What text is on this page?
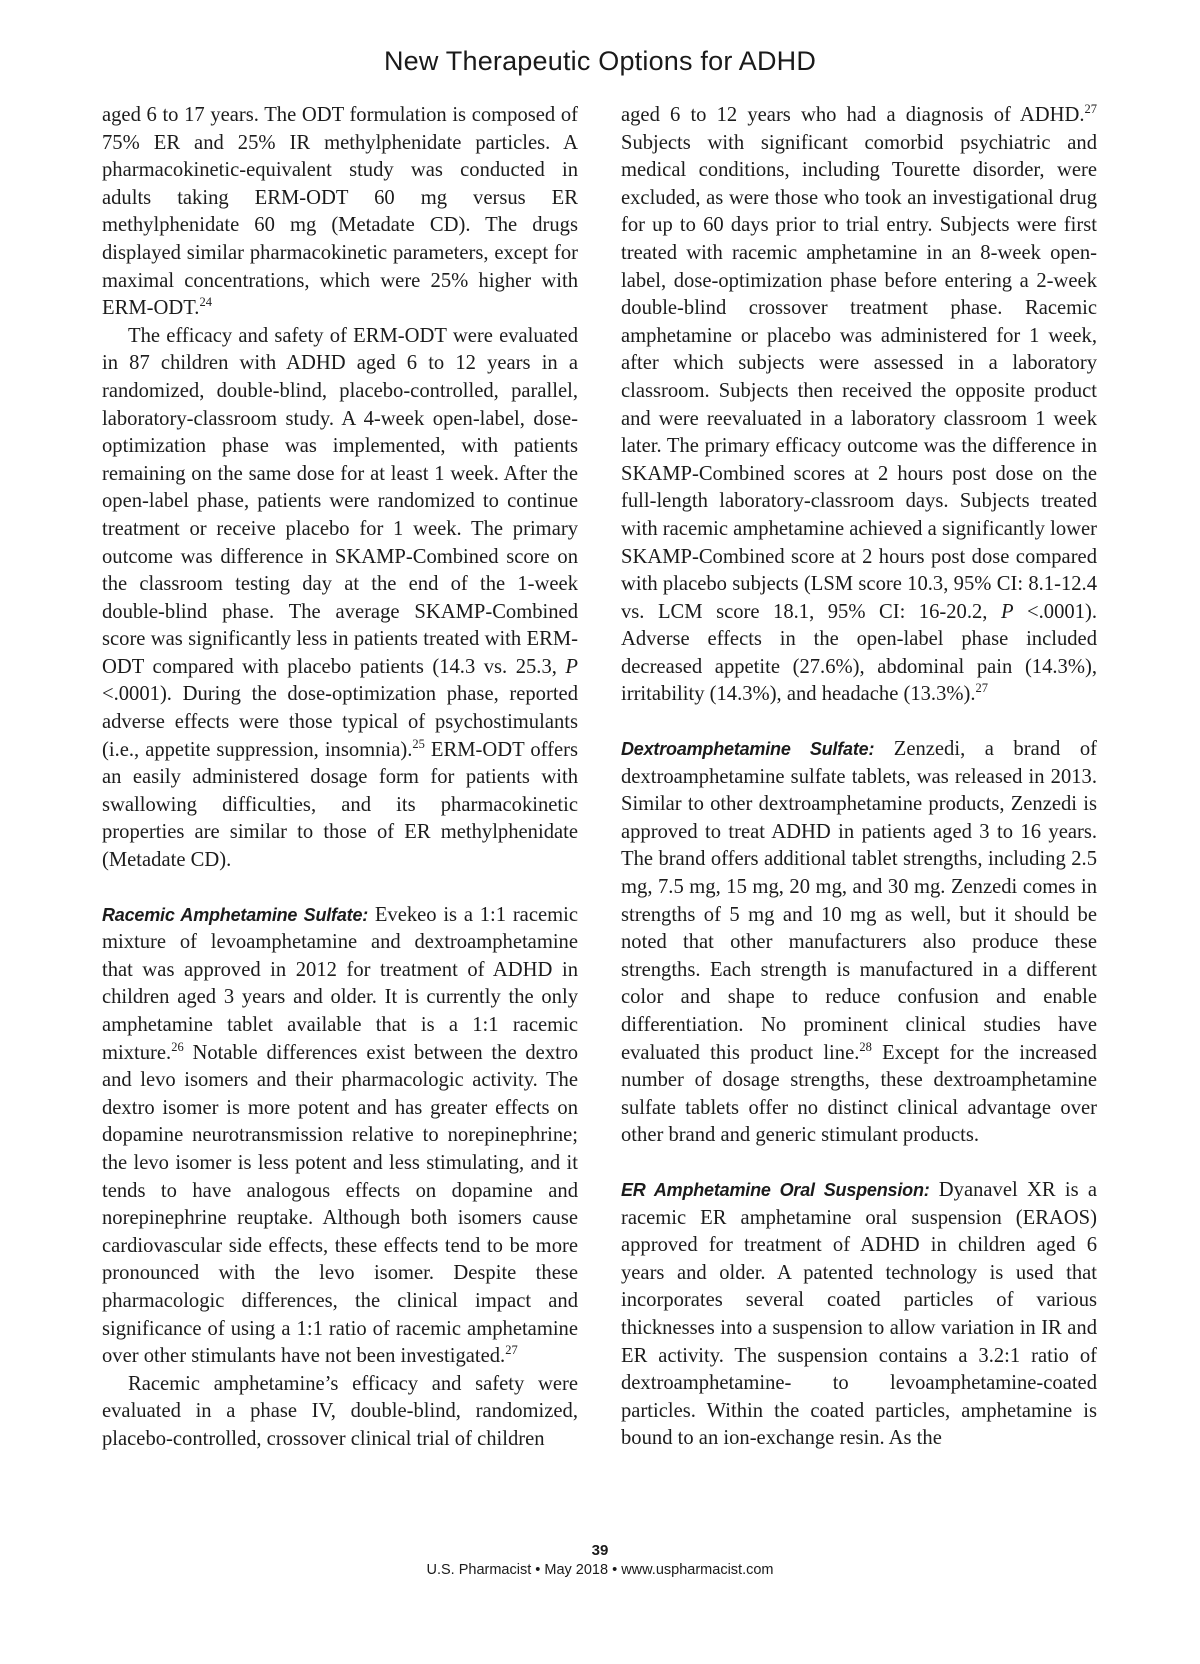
New Therapeutic Options for ADHD

aged 6 to 17 years. The ODT formulation is composed of 75% ER and 25% IR methylphenidate particles. A pharmacokinetic-equivalent study was conducted in adults taking ERM-ODT 60 mg versus ER methylphenidate 60 mg (Metadate CD). The drugs displayed similar pharmacokinetic parameters, except for maximal concentrations, which were 25% higher with ERM-ODT.$^{24}$

The efficacy and safety of ERM-ODT were evaluated in 87 children with ADHD aged 6 to 12 years in a randomized, double-blind, placebo-controlled, parallel, laboratory-classroom study. A 4-week open-label, dose-optimization phase was implemented, with patients remaining on the same dose for at least 1 week. After the open-label phase, patients were randomized to continue treatment or receive placebo for 1 week. The primary outcome was difference in SKAMP-Combined score on the classroom testing day at the end of the 1-week double-blind phase. The average SKAMP-Combined score was significantly less in patients treated with ERM-ODT compared with placebo patients (14.3 vs. 25.3, P <.0001). During the dose-optimization phase, reported adverse effects were those typical of psychostimulants (i.e., appetite suppression, insomnia).$^{25}$ ERM-ODT offers an easily administered dosage form for patients with swallowing difficulties, and its pharmacokinetic properties are similar to those of ER methylphenidate (Metadate CD).

Racemic Amphetamine Sulfate: Evekeo is a 1:1 racemic mixture of levoamphetamine and dextroamphetamine that was approved in 2012 for treatment of ADHD in children aged 3 years and older. It is currently the only amphetamine tablet available that is a 1:1 racemic mixture.$^{26}$ Notable differences exist between the dextro and levo isomers and their pharmacologic activity. The dextro isomer is more potent and has greater effects on dopamine neurotransmission relative to norepinephrine; the levo isomer is less potent and less stimulating, and it tends to have analogous effects on dopamine and norepinephrine reuptake. Although both isomers cause cardiovascular side effects, these effects tend to be more pronounced with the levo isomer. Despite these pharmacologic differences, the clinical impact and significance of using a 1:1 ratio of racemic amphetamine over other stimulants have not been investigated.$^{27}$

Racemic amphetamine’s efficacy and safety were evaluated in a phase IV, double-blind, randomized, placebo-controlled, crossover clinical trial of children

aged 6 to 12 years who had a diagnosis of ADHD.$^{27}$ Subjects with significant comorbid psychiatric and medical conditions, including Tourette disorder, were excluded, as were those who took an investigational drug for up to 60 days prior to trial entry. Subjects were first treated with racemic amphetamine in an 8-week open-label, dose-optimization phase before entering a 2-week double-blind crossover treatment phase. Racemic amphetamine or placebo was administered for 1 week, after which subjects were assessed in a laboratory classroom. Subjects then received the opposite product and were reevaluated in a laboratory classroom 1 week later. The primary efficacy outcome was the difference in SKAMP-Combined scores at 2 hours post dose on the full-length laboratory-classroom days. Subjects treated with racemic amphetamine achieved a significantly lower SKAMP-Combined score at 2 hours post dose compared with placebo subjects (LSM score 10.3, 95% CI: 8.1-12.4 vs. LCM score 18.1, 95% CI: 16-20.2, P <.0001). Adverse effects in the open-label phase included decreased appetite (27.6%), abdominal pain (14.3%), irritability (14.3%), and headache (13.3%).$^{27}$

Dextroamphetamine Sulfate: Zenzedi, a brand of dextroamphetamine sulfate tablets, was released in 2013. Similar to other dextroamphetamine products, Zenzedi is approved to treat ADHD in patients aged 3 to 16 years. The brand offers additional tablet strengths, including 2.5 mg, 7.5 mg, 15 mg, 20 mg, and 30 mg. Zenzedi comes in strengths of 5 mg and 10 mg as well, but it should be noted that other manufacturers also produce these strengths. Each strength is manufactured in a different color and shape to reduce confusion and enable differentiation. No prominent clinical studies have evaluated this product line.$^{28}$ Except for the increased number of dosage strengths, these dextroamphetamine sulfate tablets offer no distinct clinical advantage over other brand and generic stimulant products.

ER Amphetamine Oral Suspension: Dyanavel XR is a racemic ER amphetamine oral suspension (ERAOS) approved for treatment of ADHD in children aged 6 years and older. A patented technology is used that incorporates several coated particles of various thicknesses into a suspension to allow variation in IR and ER activity. The suspension contains a 3.2:1 ratio of dextroamphetamine- to levoamphetamine-coated particles. Within the coated particles, amphetamine is bound to an ion-exchange resin. As the

39
U.S. Pharmacist • May 2018 • www.uspharmacist.com
